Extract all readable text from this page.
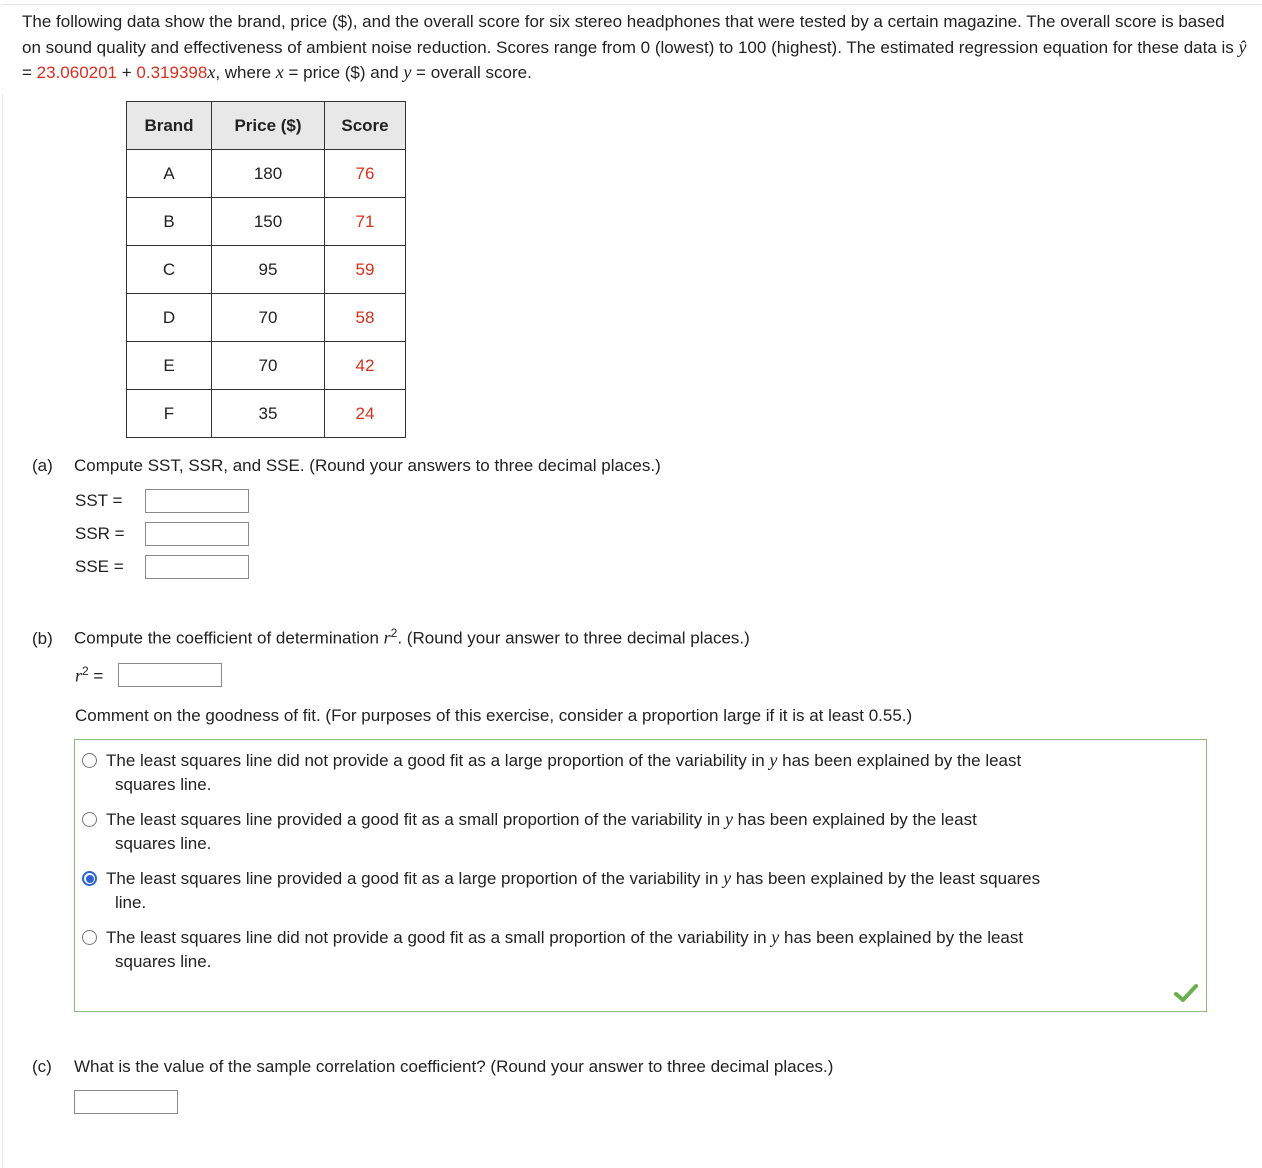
The following data show the brand, price ($), and the overall score for six stereo headphones that were tested by a certain magazine. The overall score is based on sound quality and effectiveness of ambient noise reduction. Scores range from 0 (lowest) to 100 (highest). The estimated regression equation for these data is ŷ = 23.060201 + 0.319398x, where x = price ($) and y = overall score.
Brand	Price ($)	Score
A	180	76
B	150	71
C	95	59
D	70	58
E	70	42
F	35	24
(a) Compute SST, SSR, and SSE. (Round your answers to three decimal places.)
SST =
SSR =
SSE =
(b) Compute the coefficient of determination $r^2$. (Round your answer to three decimal places.)
$r^2$ =
Comment on the goodness of fit. (For purposes of this exercise, consider a proportion large if it is at least 0.55.)
The least squares line did not provide a good fit as a large proportion of the variability in y has been explained by the least
squares line.
The least squares line provided a good fit as a small proportion of the variability in y has been explained by the least
squares line.
The least squares line provided a good fit as a large proportion of the variability in y has been explained by the least squares
line.
The least squares line did not provide a good fit as a small proportion of the variability in y has been explained by the least
squares line.
(c) What is the value of the sample correlation coefficient? (Round your answer to three decimal places.)
